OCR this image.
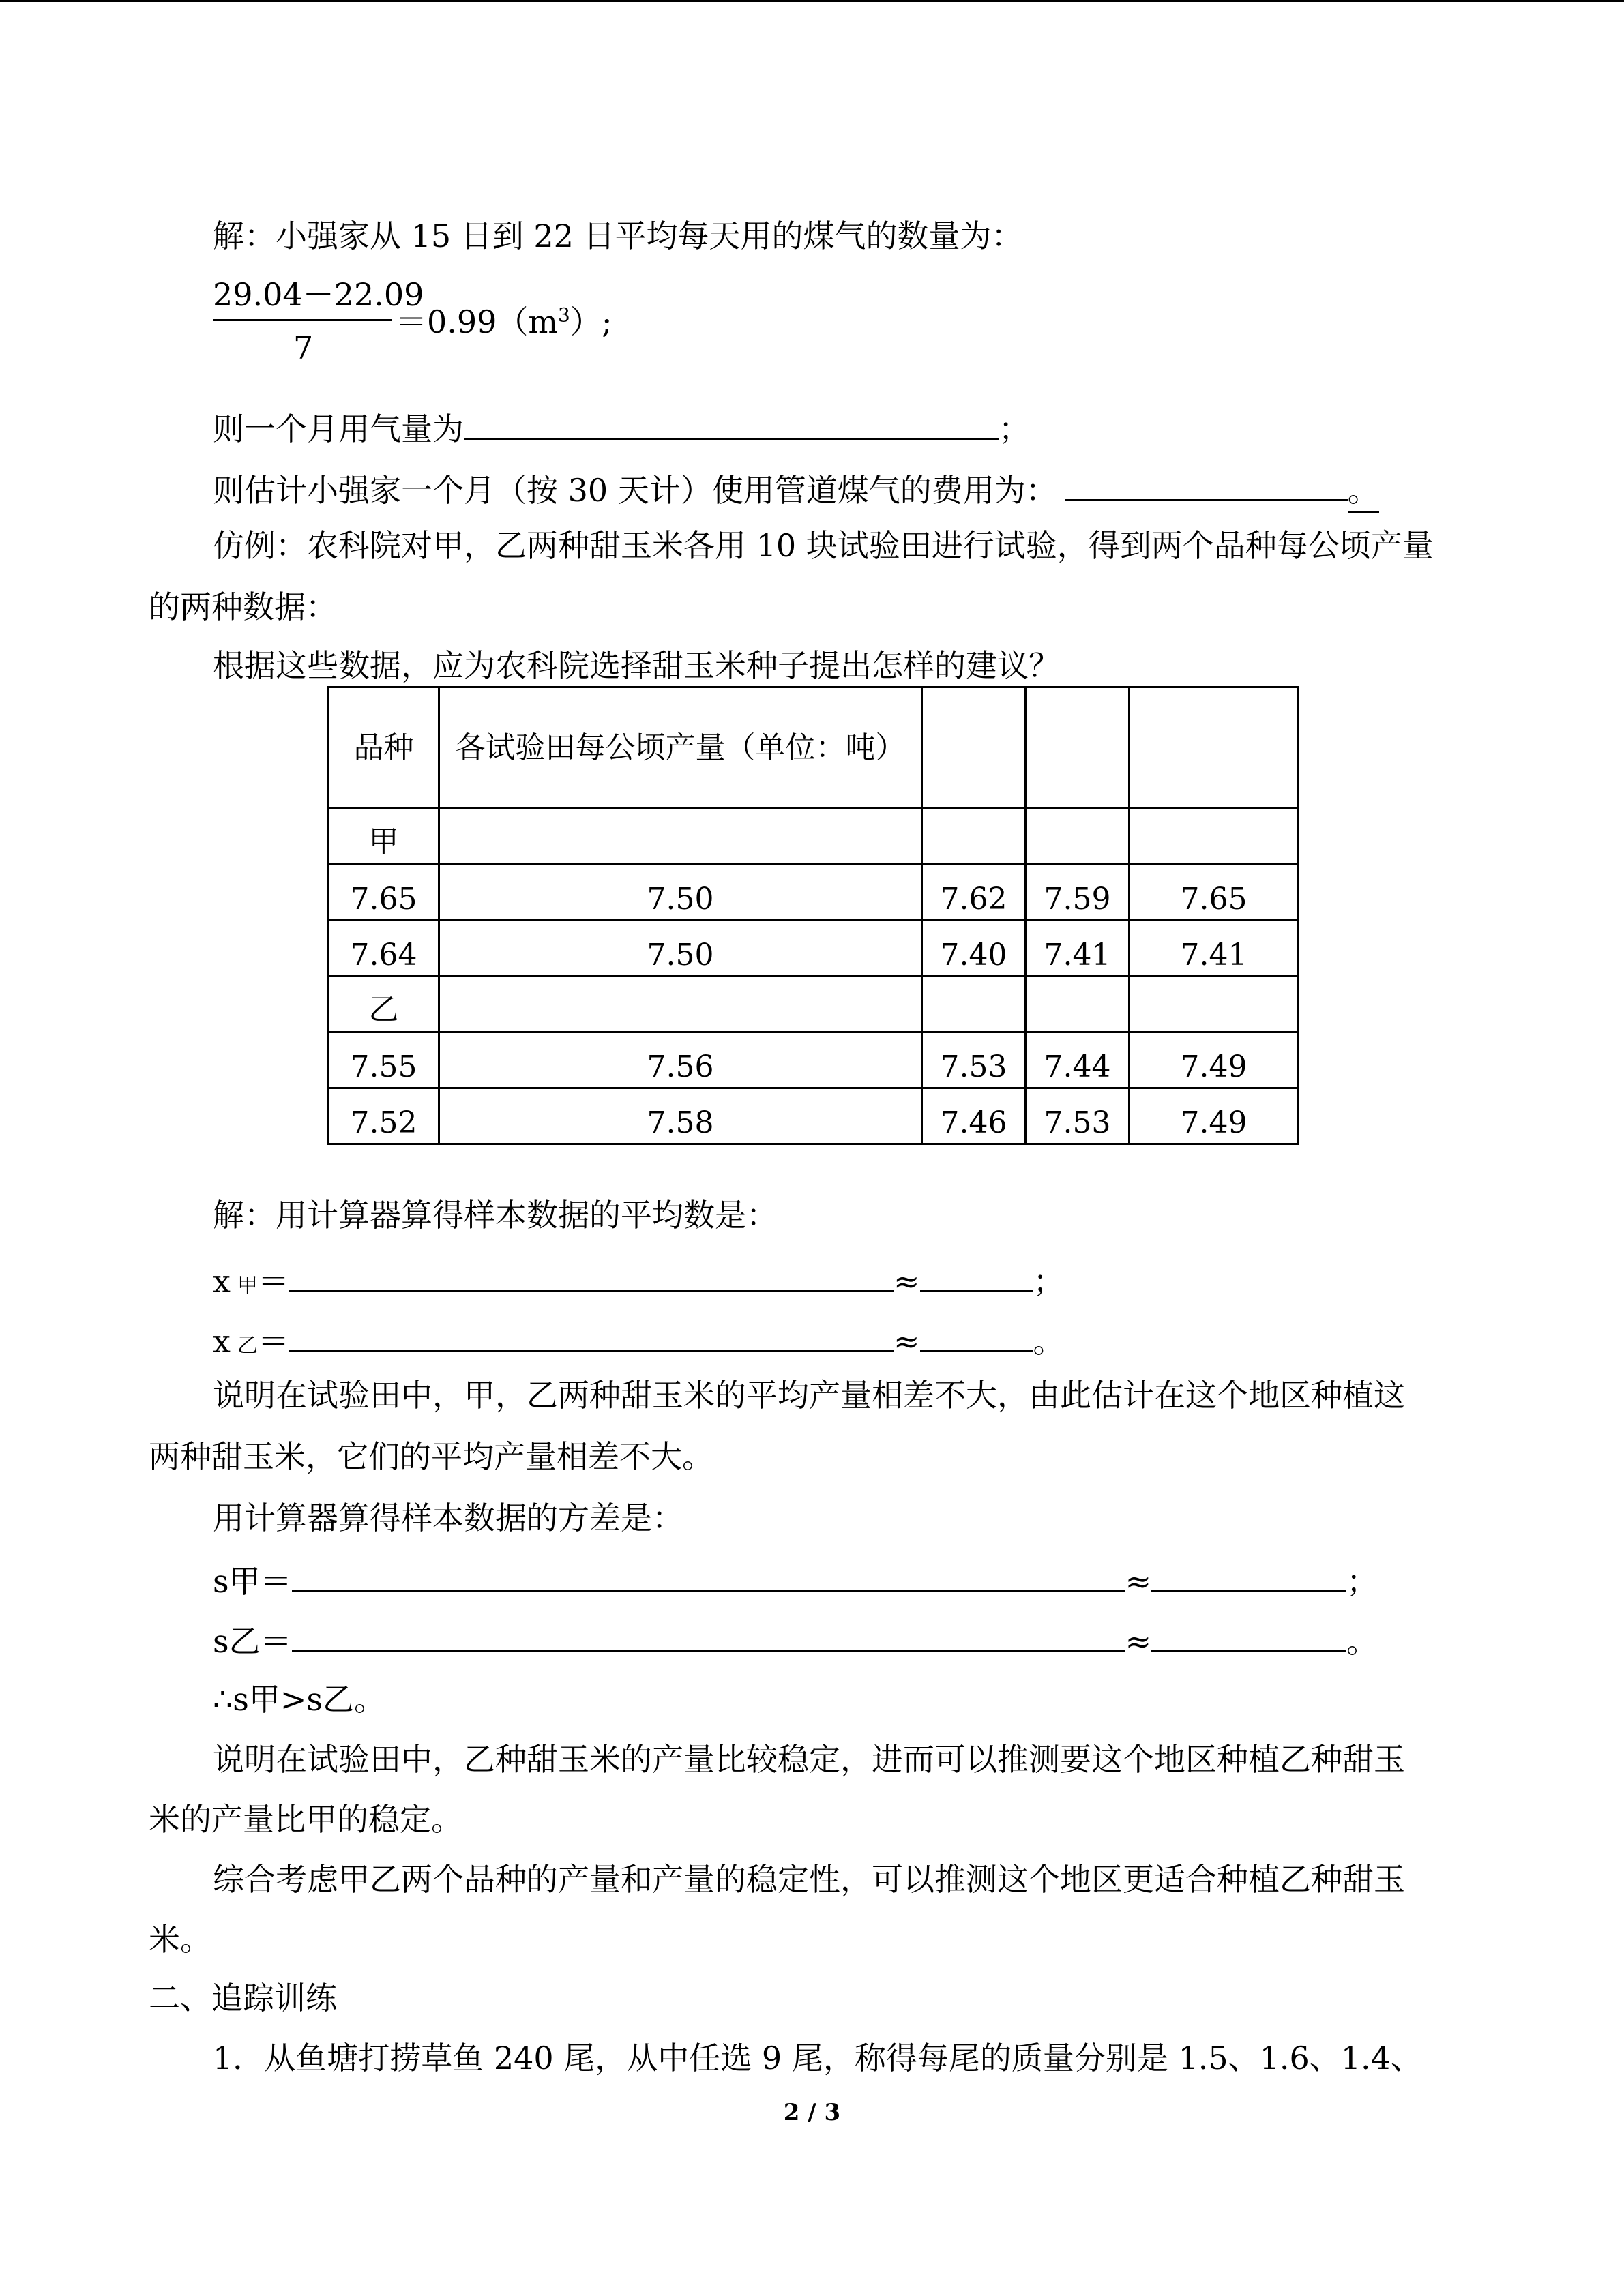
解：小强家从 15 日到 22 日平均每天用的煤气的数量为：
29.04－22.09
7
$=0.99(m^3)$;
则一个月用气量为	；
则估计小强家一个月（按 30 天计）使用管道煤气的费用为：	。
仿例：农科院对甲，乙两种甜玉米各用 10 块试验田进行试验，得到两个品种每公顷产量
的两种数据：
根据这些数据，应为农科院选择甜玉米种子提出怎样的建议？
品种	各试验田每公顷产量（单位：吨）			
甲				
7.65	7.50	7.62	7.59	7.65
7.64	7.50	7.40	7.41	7.41
乙				
7.55	7.56	7.53	7.44	7.49
7.52	7.58	7.46	7.53	7.49
解：用计算器算得样本数据的平均数是：
x甲＝	≈	；
x乙＝	≈	。
说明在试验田中，甲，乙两种甜玉米的平均产量相差不大，由此估计在这个地区种植这
两种甜玉米，它们的平均产量相差不大。
用计算器算得样本数据的方差是：
s甲＝	≈	；
s乙＝	≈	。
∴s甲>s乙。
说明在试验田中，乙种甜玉米的产量比较稳定，进而可以推测要这个地区种植乙种甜玉
米的产量比甲的稳定。
综合考虑甲乙两个品种的产量和产量的稳定性，可以推测这个地区更适合种植乙种甜玉
米。
二、追踪训练
1．从鱼塘打捞草鱼 240 尾，从中任选 9 尾，称得每尾的质量分别是 1.5、1.6、1.4、
2 / 3
